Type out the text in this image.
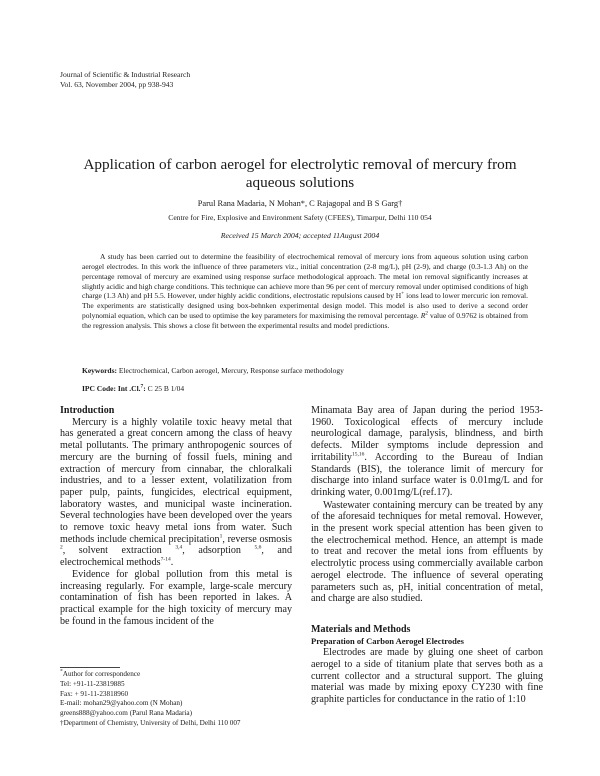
Journal of Scientific & Industrial Research
Vol. 63, November 2004, pp 938-943
Application of carbon aerogel for electrolytic removal of mercury from aqueous solutions
Parul Rana Madaria, N Mohan*, C Rajagopal and B S Garg†
Centre for Fire, Explosive and Environment Safety (CFEES), Timarpur, Delhi 110 054
Received 15 March 2004; accepted 11August 2004

A study has been carried out to determine the feasibility of electrochemical removal of mercury ions from aqueous solution using carbon aerogel electrodes. In this work the influence of three parameters viz., initial concentration (2-8 mg/L), pH (2-9), and charge (0.3-1.3 Ah) on the percentage removal of mercury are examined using response surface methodological approach. The metal ion removal significantly increases at slightly acidic and high charge conditions. This technique can achieve more than 96 per cent of mercury removal under optimised conditions of high charge (1.3 Ah) and pH 5.5. However, under highly acidic conditions, electrostatic repulsions caused by H+ ions lead to lower mercuric ion removal. The experiments are statistically designed using box-behnken experimental design model. This model is also used to derive a second order polynomial equation, which can be used to optimise the key parameters for maximising the removal percentage. $R^2$ value of 0.9762 is obtained from the regression analysis. This shows a close fit between the experimental results and model predictions.

Keywords: Electrochemical, Carbon aerogel, Mercury, Response surface methodology
IPC Code: Int .Cl.$^7$: C 25 B 1/04
Introduction

Mercury is a highly volatile toxic heavy metal that has generated a great concern among the class of heavy metal pollutants. The primary anthropogenic sources of mercury are the burning of fossil fuels, mining and extraction of mercury from cinnabar, the chloralkali industries, and to a lesser extent, volatilization from paper pulp, paints, fungicides, electrical equipment, laboratory wastes, and municipal waste incineration. Several technologies have been developed over the years to remove toxic heavy metal ions from water. Such methods include chemical precipitation$^1$, reverse osmosis $^2$, solvent extraction $^{3,4}$, adsorption $^{5,6}$, and electrochemical methods$^{7-14}$.

Evidence for global pollution from this metal is increasing regularly. For example, large-scale mercury contamination of fish has been reported in lakes. A practical example for the high toxicity of mercury may be found in the famous incident of the

*Author for correspondence
Tel: +91-11-23819885
Fax: + 91-11-23818960
E-mail: mohan29@yahoo.com (N Mohan)
greens888@yahoo.com (Parul Rana Madaria)
†Department of Chemistry, University of Delhi, Delhi 110 007

Minamata Bay area of Japan during the period 1953-1960. Toxicological effects of mercury include neurological damage, paralysis, blindness, and birth defects. Milder symptoms include depression and irritability$^{15,16}$. According to the Bureau of Indian Standards (BIS), the tolerance limit of mercury for discharge into inland surface water is 0.01mg/L and for drinking water, 0.001mg/L(ref.17).

Wastewater containing mercury can be treated by any of the aforesaid techniques for metal removal. However, in the present work special attention has been given to the electrochemical method. Hence, an attempt is made to treat and recover the metal ions from effluents by electrolytic process using commercially available carbon aerogel electrode. The influence of several operating parameters such as, pH, initial concentration of metal, and charge are also studied.

Materials and Methods
Preparation of Carbon Aerogel Electrodes

Electrodes are made by gluing one sheet of carbon aerogel to a side of titanium plate that serves both as a current collector and a structural support. The gluing material was made by mixing epoxy CY230 with fine graphite particles for conductance in the ratio of 1:10
